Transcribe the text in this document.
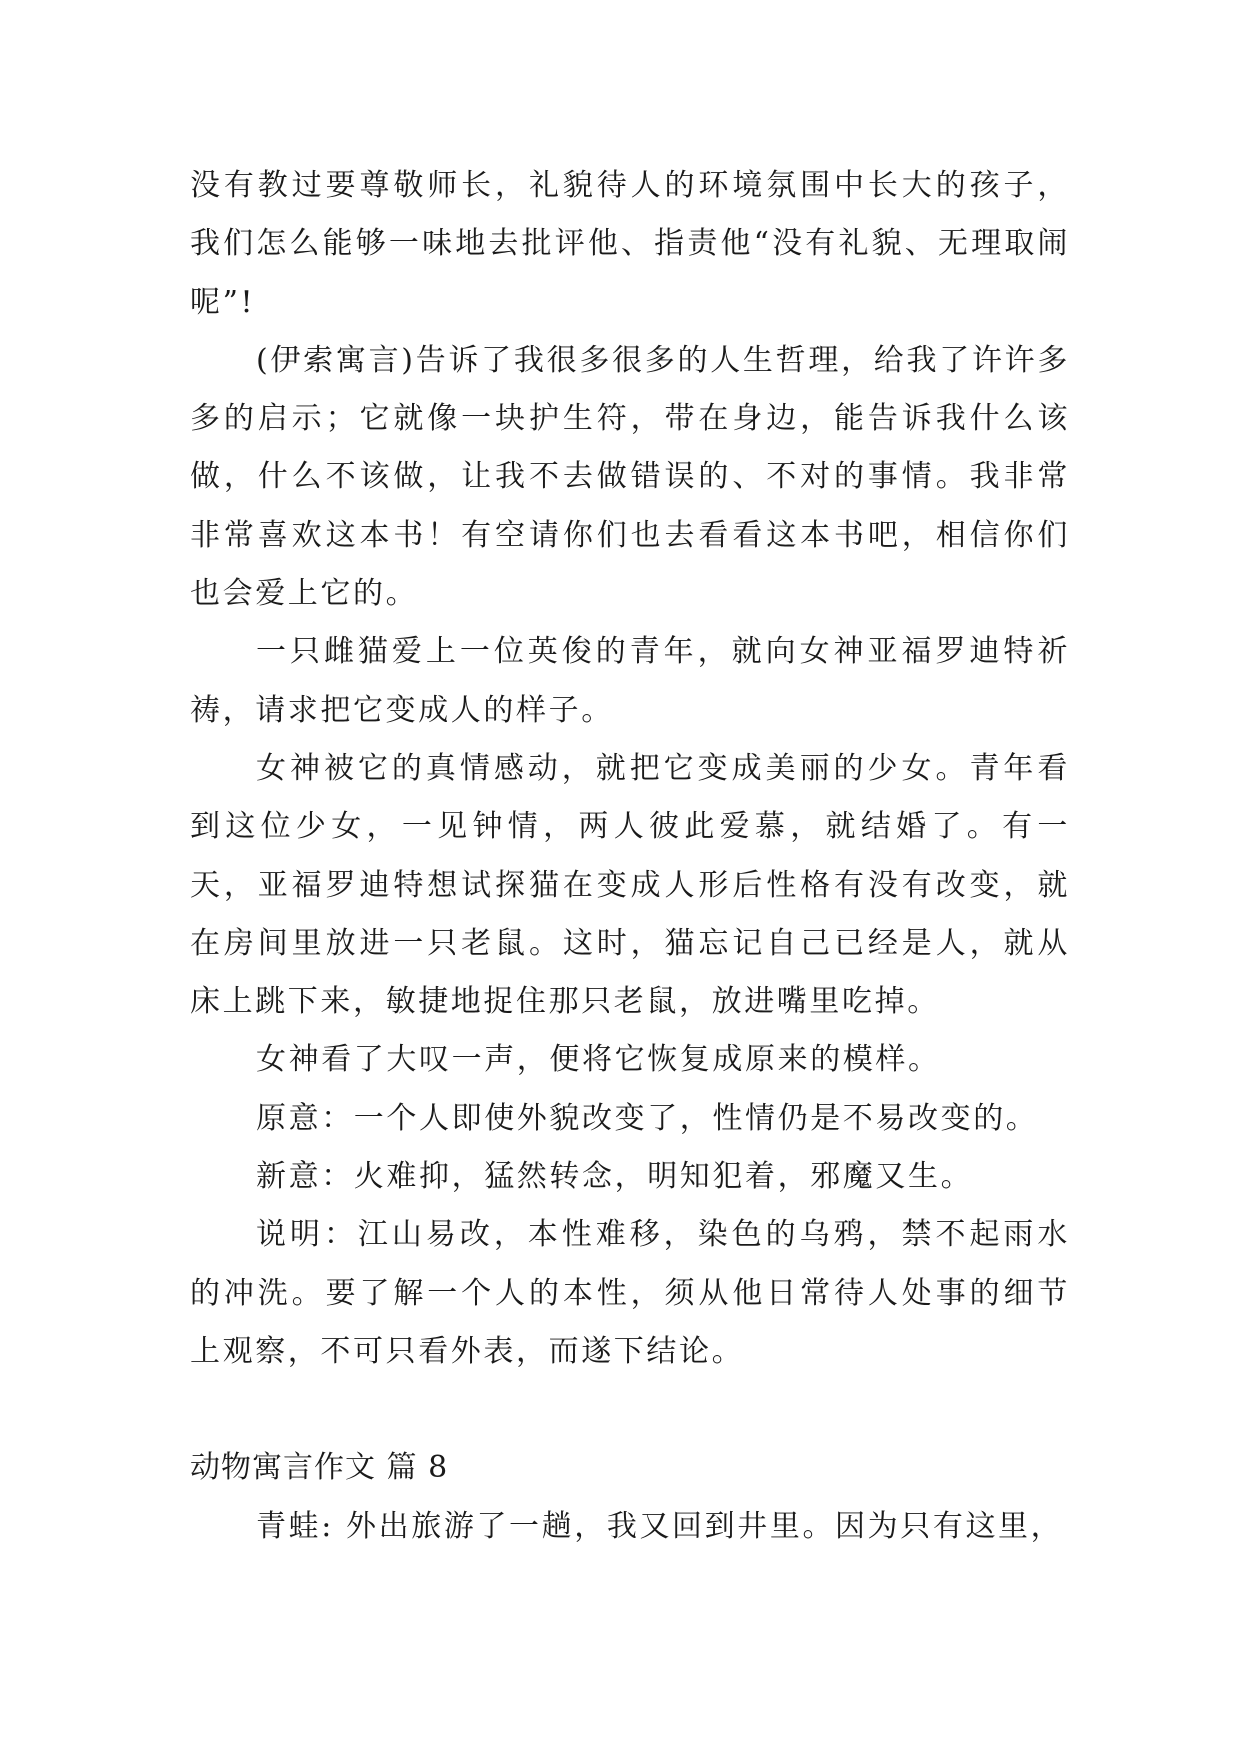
没有教过要尊敬师长，礼貌待人的环境氛围中长大的孩子，我们怎么能够一味地去批评他、指责他“没有礼貌、无理取闹呢”!

(伊索寓言)告诉了我很多很多的人生哲理，给我了许许多多的启示；它就像一块护生符，带在身边，能告诉我什么该做，什么不该做，让我不去做错误的、不对的事情。我非常非常喜欢这本书！有空请你们也去看看这本书吧，相信你们也会爱上它的。

一只雌猫爱上一位英俊的青年，就向女神亚福罗迪特祈祷，请求把它变成人的样子。

女神被它的真情感动，就把它变成美丽的少女。青年看到这位少女，一见钟情，两人彼此爱慕，就结婚了。有一天，亚福罗迪特想试探猫在变成人形后性格有没有改变，就在房间里放进一只老鼠。这时，猫忘记自己已经是人，就从床上跳下来，敏捷地捉住那只老鼠，放进嘴里吃掉。

女神看了大叹一声，便将它恢复成原来的模样。

原意：一个人即使外貌改变了，性情仍是不易改变的。

新意：火难抑，猛然转念，明知犯着，邪魔又生。

说明：江山易改，本性难移，染色的乌鸦，禁不起雨水的冲洗。要了解一个人的本性，须从他日常待人处事的细节上观察，不可只看外表，而遂下结论。

动物寓言作文 篇 8

青蛙: 外出旅游了一趟，我又回到井里。因为只有这里，
